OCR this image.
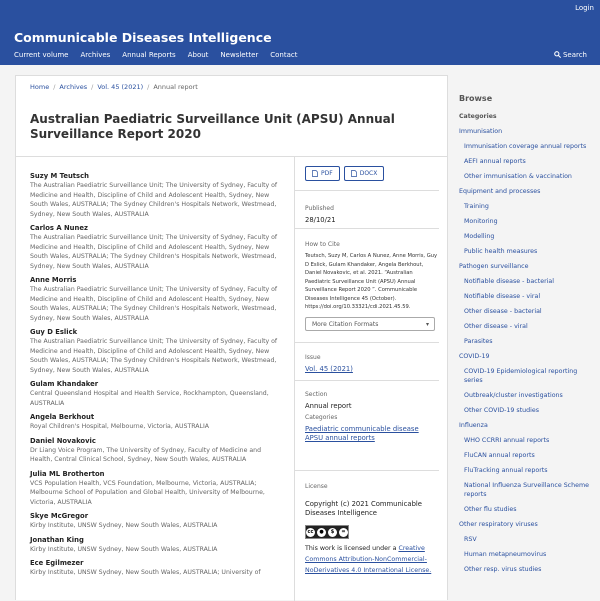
Login
Communicable Diseases Intelligence
Current volume Archives Annual Reports About Newsletter Contact	Search
Home / Archives / Vol. 45 (2021) / Annual report
Australian Paediatric Surveillance Unit (APSU) Annual Surveillance Report 2020
Suzy M Teutsch
The Australian Paediatric Surveillance Unit; The University of Sydney, Faculty of Medicine and Health, Discipline of Child and Adolescent Health, Sydney, New South Wales, AUSTRALIA; The Sydney Children's Hospitals Network, Westmead, Sydney, New South Wales, AUSTRALIA
Carlos A Nunez
The Australian Paediatric Surveillance Unit; The University of Sydney, Faculty of Medicine and Health, Discipline of Child and Adolescent Health, Sydney, New South Wales, AUSTRALIA; The Sydney Children's Hospitals Network, Westmead, Sydney, New South Wales, AUSTRALIA
Anne Morris
The Australian Paediatric Surveillance Unit; The University of Sydney, Faculty of Medicine and Health, Discipline of Child and Adolescent Health, Sydney, New South Wales, AUSTRALIA; The Sydney Children's Hospitals Network, Westmead, Sydney, New South Wales, AUSTRALIA
Guy D Eslick
The Australian Paediatric Surveillance Unit; The University of Sydney, Faculty of Medicine and Health, Discipline of Child and Adolescent Health, Sydney, New South Wales, AUSTRALIA; The Sydney Children's Hospitals Network, Westmead, Sydney, New South Wales, AUSTRALIA
Gulam Khandaker
Central Queensland Hospital and Health Service, Rockhampton, Queensland, AUSTRALIA
Angela Berkhout
Royal Children's Hospital, Melbourne, Victoria, AUSTRALIA
Daniel Novakovic
Dr Liang Voice Program, The University of Sydney, Faculty of Medicine and Health, Central Clinical School, Sydney, New South Wales, AUSTRALIA
Julia ML Brotherton
VCS Population Health, VCS Foundation, Melbourne, Victoria, AUSTRALIA; Melbourne School of Population and Global Health, University of Melbourne, Victoria, AUSTRALIA
Skye McGregor
Kirby Institute, UNSW Sydney, New South Wales, AUSTRALIA
Jonathan King
Kirby Institute, UNSW Sydney, New South Wales, AUSTRALIA
Ece Egilmezer
Kirby Institute, UNSW Sydney, New South Wales, AUSTRALIA; University of
PDF	DOCX
Published
28/10/21
How to Cite
Teutsch, Suzy M, Carlos A Nunez, Anne Morris, Guy D Eslick, Gulam Khandaker, Angela Berkhout, Daniel Novakovic, et al. 2021. “Australian Paediatric Surveillance Unit (APSU) Annual Surveillance Report 2020 ”. Communicable Diseases Intelligence 45 (October). https://doi.org/10.33321/cdi.2021.45.59.
More Citation Formats	▾
Issue
Vol. 45 (2021)
Section
Annual report
Categories
Paediatric communicable disease
APSU annual reports
License
Copyright (c) 2021 Communicable Diseases Intelligence
cc	●	$	=
This work is licensed under a Creative Commons Attribution-NonCommercial-NoDerivatives 4.0 International License.
Browse
Categories
Immunisation
Immunisation coverage annual reports
AEFI annual reports
Other immunisation & vaccination
Equipment and processes
Training
Monitoring
Modelling
Public health measures
Pathogen surveillance
Notifiable disease - bacterial
Notifiable disease - viral
Other disease - bacterial
Other disease - viral
Parasites
COVID-19
COVID-19 Epidemiological reporting series
Outbreak/cluster investigations
Other COVID-19 studies
Influenza
WHO CCRRI annual reports
FluCAN annual reports
FluTracking annual reports
National Influenza Surveillance Scheme reports
Other flu studies
Other respiratory viruses
RSV
Human metapneumovirus
Other resp. virus studies
